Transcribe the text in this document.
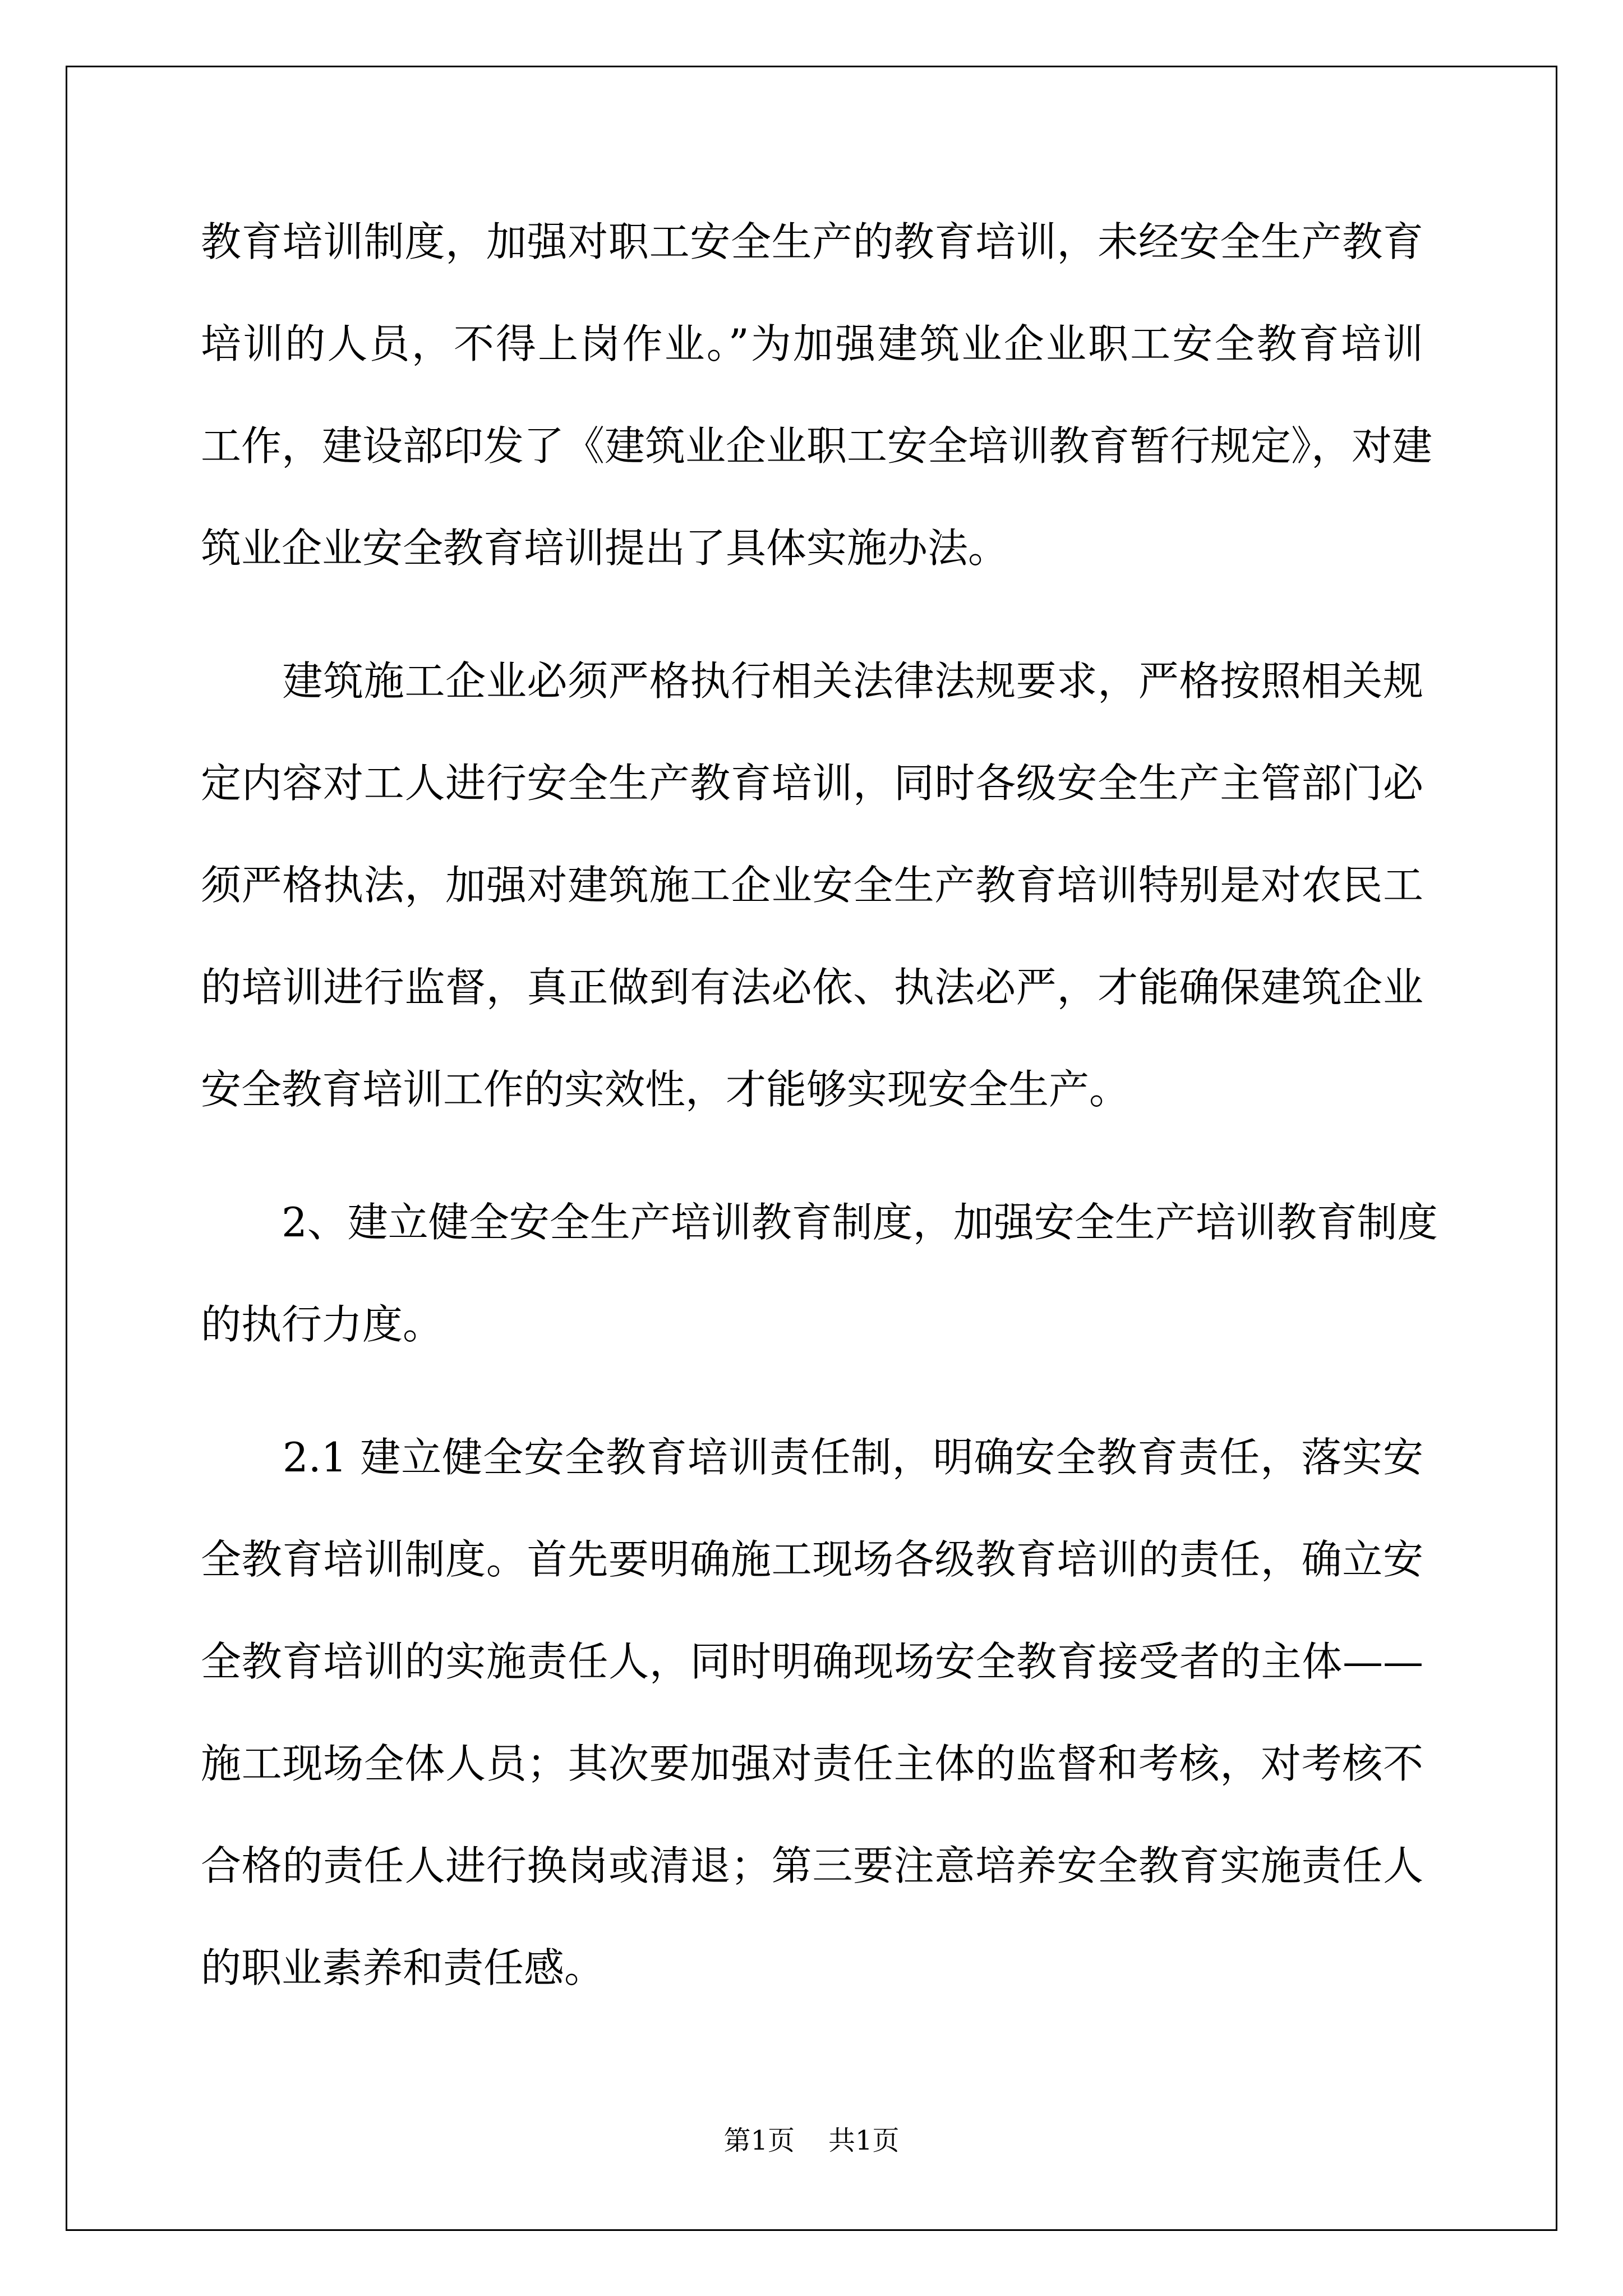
教育培训制度，加强对职工安全生产的教育培训，未经安全生产教育
培训的人员，不得上岗作业。”为加强建筑业企业职工安全教育培训
工作，建设部印发了《建筑业企业职工安全培训教育暂行规定》，对建
筑业企业安全教育培训提出了具体实施办法。
　　建筑施工企业必须严格执行相关法律法规要求，严格按照相关规
定内容对工人进行安全生产教育培训，同时各级安全生产主管部门必
须严格执法，加强对建筑施工企业安全生产教育培训特别是对农民工
的培训进行监督，真正做到有法必依、执法必严，才能确保建筑企业
安全教育培训工作的实效性，才能够实现安全生产。
　　2、建立健全安全生产培训教育制度，加强安全生产培训教育制度
的执行力度。
　　2.1 建立健全安全教育培训责任制，明确安全教育责任，落实安
全教育培训制度。首先要明确施工现场各级教育培训的责任，确立安
全教育培训的实施责任人，同时明确现场安全教育接受者的主体——
施工现场全体人员；其次要加强对责任主体的监督和考核，对考核不
合格的责任人进行换岗或清退；第三要注意培养安全教育实施责任人
的职业素养和责任感。
第1页 共1页
